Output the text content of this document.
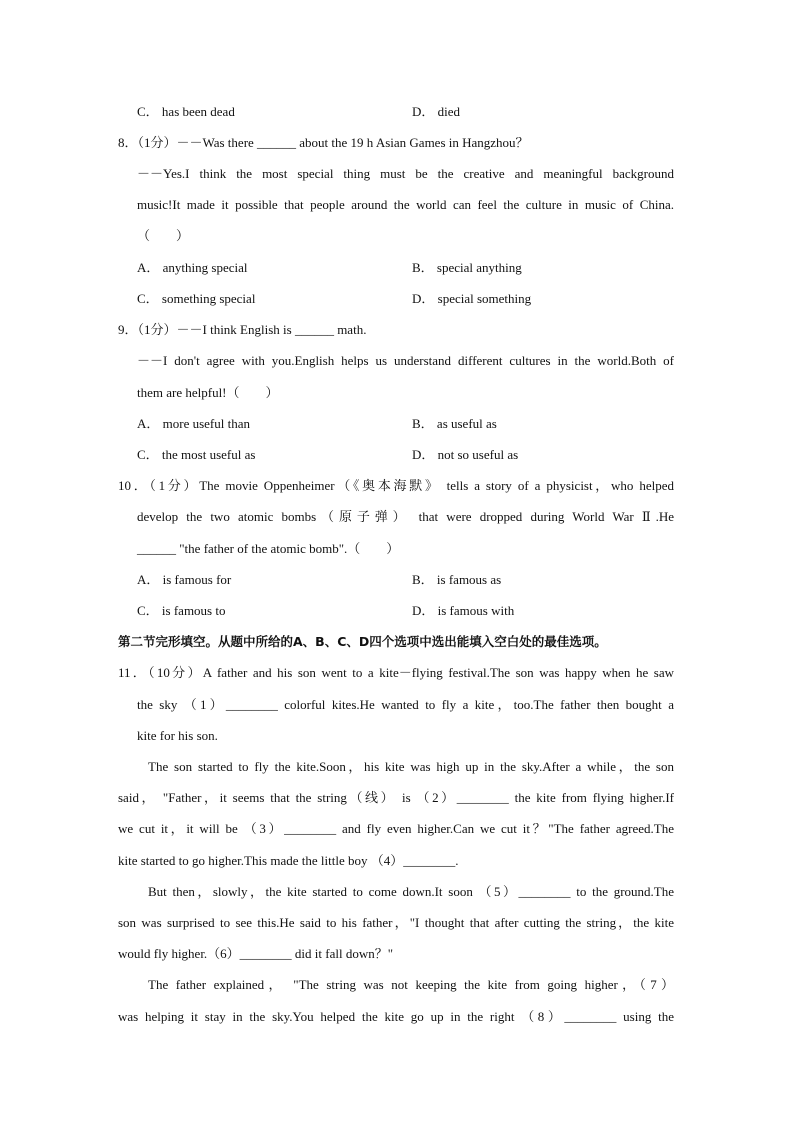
C． has been dead	D． died
8．（1分）－－Was there ______ about the 19 h Asian Games in Hangzhou？
－－Yes.I think the most special thing must be the creative and meaningful background
music!It made it possible that people around the world can feel the culture in music of China.
（　　）
A． anything special	B． special anything
C． something special	D． special something
9．（1分）－－I think English is ______ math.
－－I don't agree with you.English helps us understand different cultures in the world.Both of
them are helpful!（　　）
A． more useful than	B． as useful as
C． the most useful as	D． not so useful as
10．（1分）The movie Oppenheimer（《奥本海默》 tells a story of a physicist，who helped
develop the two atomic bombs（原子弹） that were dropped during World War Ⅱ.He
______ "the father of the atomic bomb".（　　）
A． is famous for	B． is famous as
C． is famous to	D． is famous with
第二节完形填空。从题中所给的A、B、C、D四个选项中选出能填入空白处的最佳选项。
11．（10分）A father and his son went to a kite－flying festival.The son was happy when he saw
the sky （1）________ colorful kites.He wanted to fly a kite，too.The father then bought a
kite for his son.
The son started to fly the kite.Soon，his kite was high up in the sky.After a while，the son
said， "Father，it seems that the string（线） is （2）________ the kite from flying higher.If
we cut it，it will be （3）________ and fly even higher.Can we cut it？"The father agreed.The
kite started to go higher.This made the little boy （4）________.
But then，slowly，the kite started to come down.It soon （5）________ to the ground.The
son was surprised to see this.He said to his father，"I thought that after cutting the string，the kite
would fly higher.（6）________ did it fall down？"
The father explained， "The string was not keeping the kite from going higher，（7）
was helping it stay in the sky.You helped the kite go up in the right （8）________ using the
